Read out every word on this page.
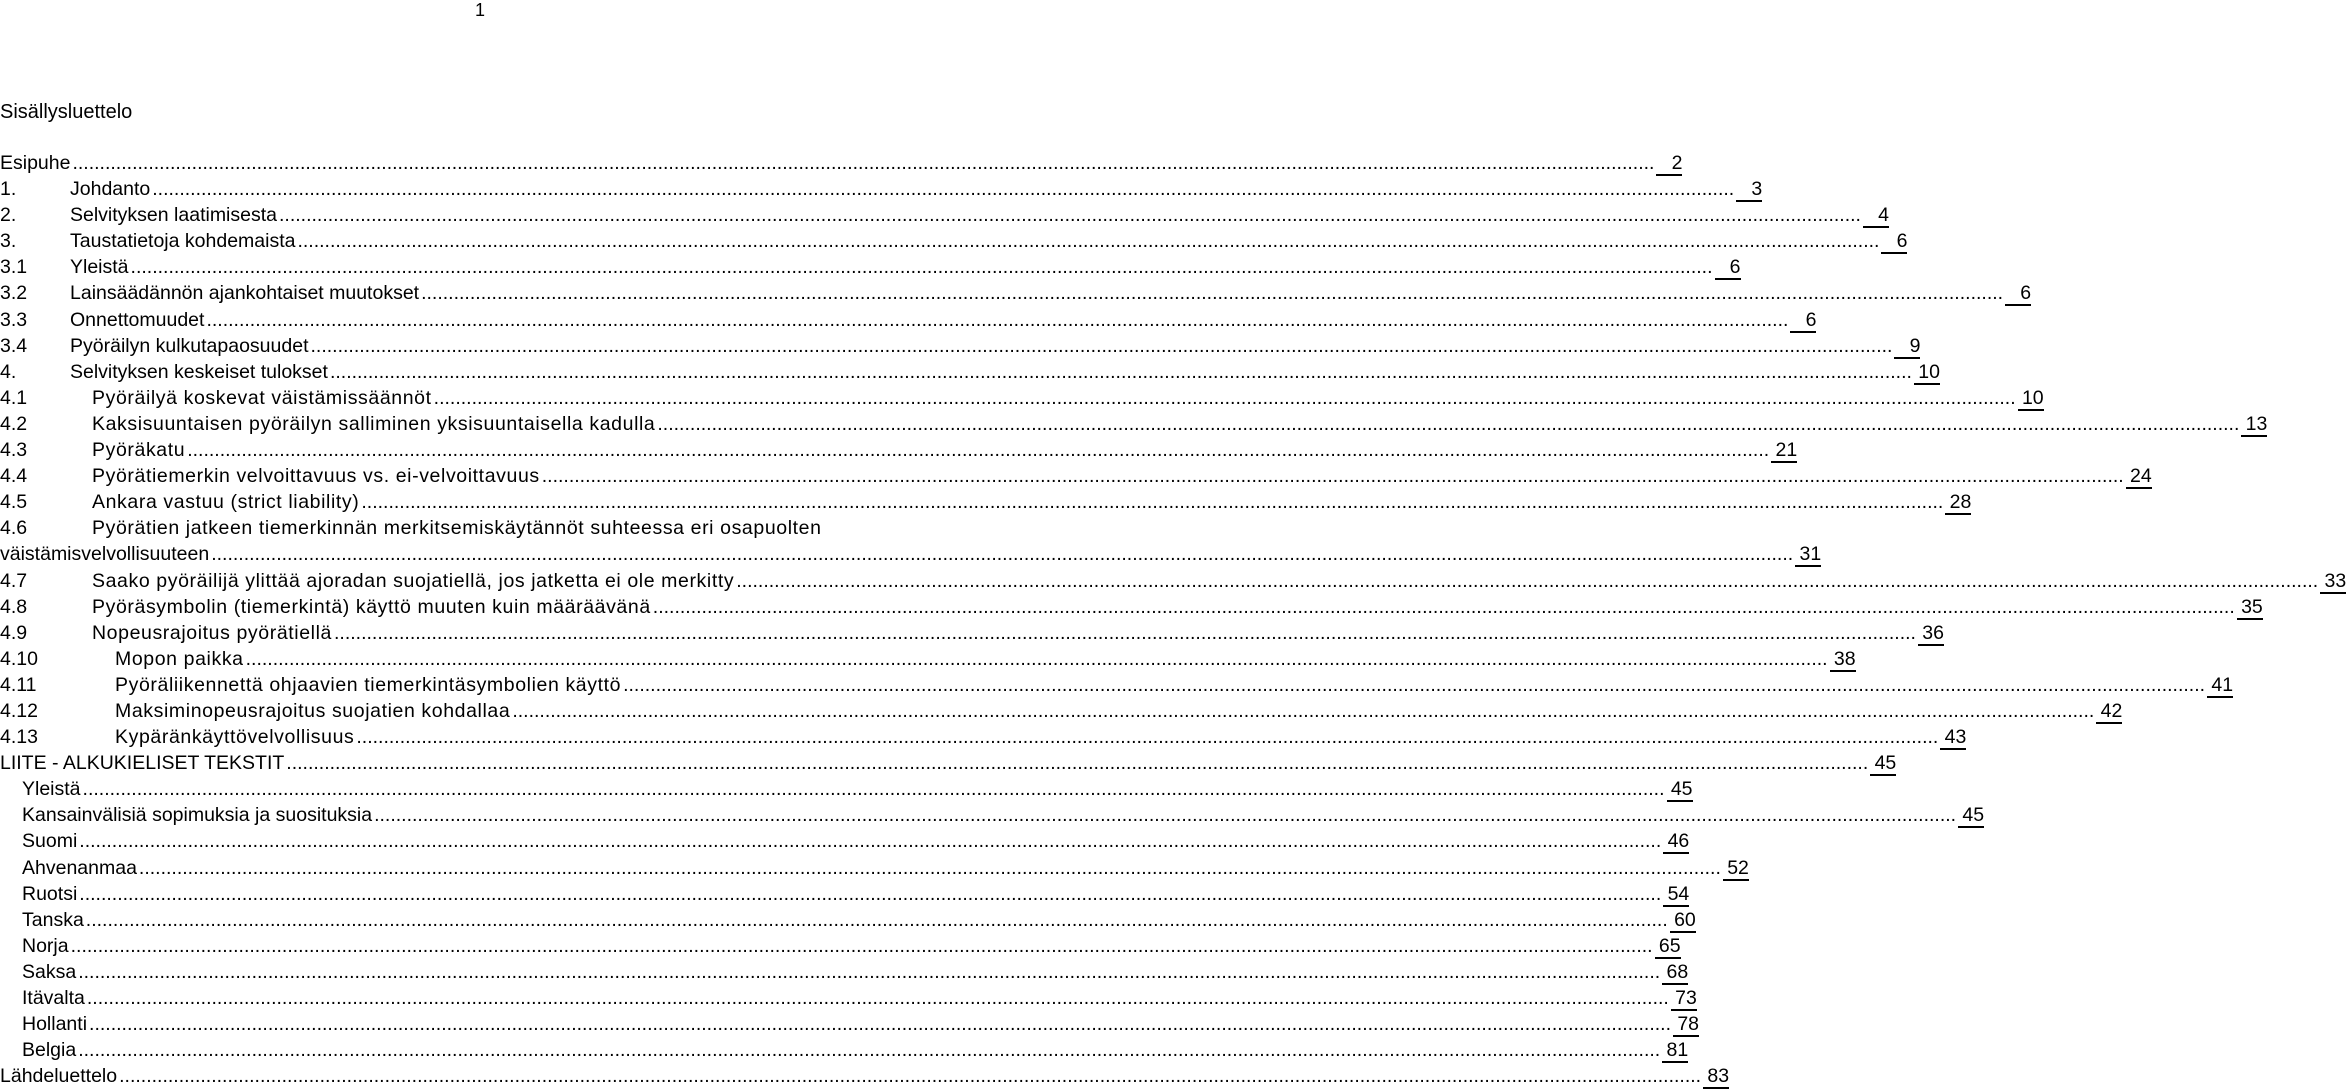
1
Sisällysluettelo
Esipuhe .....	2
1.	Johdanto .....	3
2.	Selvityksen laatimisesta .....	4
3.	Taustatietoja kohdemaista .....	6
3.1	Yleistä .....	6
3.2	Lainsäädännön ajankohtaiset muutokset .....	6
3.3	Onnettomuudet .....	6
3.4	Pyöräilyn kulkutapaosuudet .....	9
4.	Selvityksen keskeiset tulokset .....	10
4.1	Pyöräilyä koskevat väistämissäännöt .....	10
4.2	Kaksisuuntaisen pyöräilyn salliminen yksisuuntaisella kadulla .....	13
4.3	Pyöräkatu .....	21
4.4	Pyörätiemerkin velvoittavuus vs. ei-velvoittavuus .....	24
4.5	Ankara vastuu (strict liability) .....	28
4.6	Pyörätien jatkeen tiemerkinnän merkitsemiskäytännöt suhteessa eri osapuolten
väistämisvelvollisuuteen .....	31
4.7	Saako pyöräilijä ylittää ajoradan suojatiellä, jos jatketta ei ole merkitty .....	33
4.8	Pyöräsymbolin (tiemerkintä) käyttö muuten kuin määräävänä .....	35
4.9	Nopeusrajoitus pyörätiellä .....	36
4.10	Mopon paikka .....	38
4.11	Pyöräliikennettä ohjaavien tiemerkintäsymbolien käyttö .....	41
4.12	Maksiminopeusrajoitus suojatien kohdallaa .....	42
4.13	Kypäränkäyttövelvollisuus .....	43
LIITE - ALKUKIELISET TEKSTIT .....	45
Yleistä .....	45
Kansainvälisiä sopimuksia ja suosituksia .....	45
Suomi .....	46
Ahvenanmaa .....	52
Ruotsi .....	54
Tanska .....	60
Norja .....	65
Saksa .....	68
Itävalta .....	73
Hollanti .....	78
Belgia .....	81
Lähdeluettelo .....	83
